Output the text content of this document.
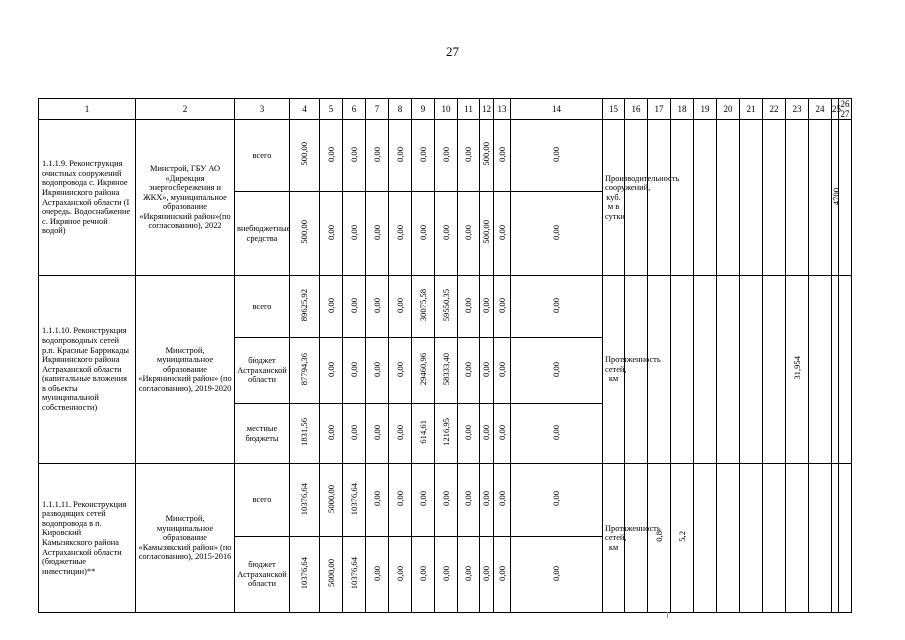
27
1	2	3	4	5	6	7	8	9	10	11	12	13	14	15	16	17	18	19	20	21	22	23	24	25	26 27
1.1.1.9. Реконструкция очистных сооружений водопровода с. Икряное Икрянинского района Астраханской области (I очередь. Водоснабжение с. Икряное речной водой)	Минстрой, ГБУ АО «Дирекция энергосбережения и ЖКХ», муниципальное образование «Икрянинский район»(по согласованию), 2022	всего	500,00	0,00	0,00	0,00	0,00	0,00	0,00	0,00	500,00	0,00	0,00	Производительность сооружений, куб. м в сутки										4700	
		внебюджетные средства	500,00	0,00	0,00	0,00	0,00	0,00	0,00	0,00	500,00	0,00	0,00												
1.1.1.10. Реконструкция водопроводных сетей р.п. Красные Баррикады Икрянинского района Астраханской области (капитальные вложения в объекты муниципальной собственности)	Минстрой, муниципальное образование «Икрянинский район» (по согласованию), 2019-2020	всего	89625,92	0,00	0,00	0,00	0,00	30075,58	59550,35	0,00	0,00	0,00	0,00	Протяженность сетей, км								31,954			
		бюджет Астраханской области	87794,36	0,00	0,00	0,00	0,00	29460,96	58333,40	0,00	0,00	0,00	0,00												
		местные бюджеты	1831,56	0,00	0,00	0,00	0,00	614,61	1216,95	0,00	0,00	0,00	0,00												
1.1.1.11. Реконструкция разводящих сетей водопровода в п. Кировский Камызякского района Астраханской области (бюджетные инвестиции)**	Минстрой, муниципальное образование «Камызякский район» (по согласованию), 2015-2016	всего	10376,64	5000,00	10376,64	0,00	0,00	0,00	0,00	0,00	0,00	0,00	0,00	Протяженность сетей, км		0,8	5,2								
		бюджет Астраханской области	10376,64	5000,00	10376,64	0,00	0,00	0,00	0,00	0,00	0,00	0,00	0,00												
